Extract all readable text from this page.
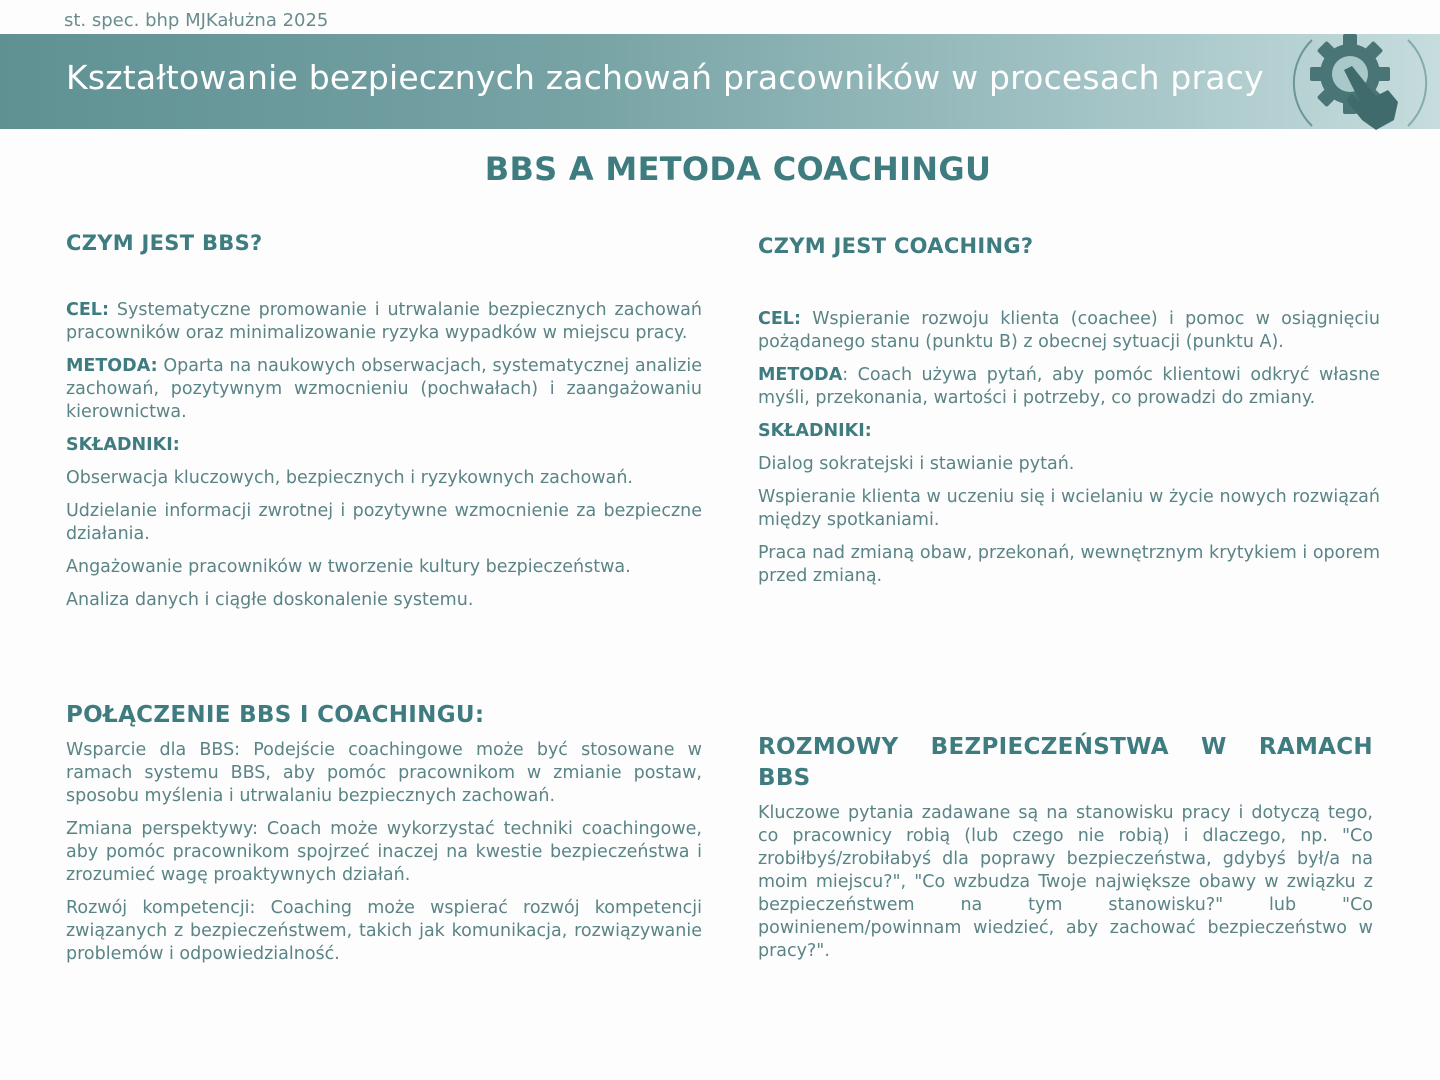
st. spec. bhp MJKałużna 2025
Kształtowanie bezpiecznych zachowań pracowników w procesach pracy
BBS A METODA COACHINGU
CZYM JEST BBS?

CEL: Systematyczne promowanie i utrwalanie bezpiecznych zachowań pracowników oraz minimalizowanie ryzyka wypadków w miejscu pracy.

METODA: Oparta na naukowych obserwacjach, systematycznej analizie zachowań, pozytywnym wzmocnieniu (pochwałach) i zaangażowaniu kierownictwa.

SKŁADNIKI:

Obserwacja kluczowych, bezpiecznych i ryzykownych zachowań.

Udzielanie informacji zwrotnej i pozytywne wzmocnienie za bezpieczne działania.

Angażowanie pracowników w tworzenie kultury bezpieczeństwa.

Analiza danych i ciągłe doskonalenie systemu.

CZYM JEST COACHING?

CEL: Wspieranie rozwoju klienta (coachee) i pomoc w osiągnięciu pożądanego stanu (punktu B) z obecnej sytuacji (punktu A).

METODA: Coach używa pytań, aby pomóc klientowi odkryć własne myśli, przekonania, wartości i potrzeby, co prowadzi do zmiany.

SKŁADNIKI:

Dialog sokratejski i stawianie pytań.

Wspieranie klienta w uczeniu się i wcielaniu w życie nowych rozwiązań między spotkaniami.

Praca nad zmianą obaw, przekonań, wewnętrznym krytykiem i oporem przed zmianą.

POŁĄCZENIE BBS I COACHINGU:

Wsparcie dla BBS: Podejście coachingowe może być stosowane w ramach systemu BBS, aby pomóc pracownikom w zmianie postaw, sposobu myślenia i utrwalaniu bezpiecznych zachowań.

Zmiana perspektywy: Coach może wykorzystać techniki coachingowe, aby pomóc pracownikom spojrzeć inaczej na kwestie bezpieczeństwa i zrozumieć wagę proaktywnych działań.

Rozwój kompetencji: Coaching może wspierać rozwój kompetencji związanych z bezpieczeństwem, takich jak komunikacja, rozwiązywanie problemów i odpowiedzialność.

ROZMOWY BEZPIECZEŃSTWA W RAMACH BBS

Kluczowe pytania zadawane są na stanowisku pracy i dotyczą tego, co pracownicy robią (lub czego nie robią) i dlaczego, np. "Co zrobiłbyś/zrobiłabyś dla poprawy bezpieczeństwa, gdybyś był/a na moim miejscu?", "Co wzbudza Twoje największe obawy w związku z bezpieczeństwem na tym stanowisku?" lub "Co powinienem/powinnam wiedzieć, aby zachować bezpieczeństwo w pracy?".
